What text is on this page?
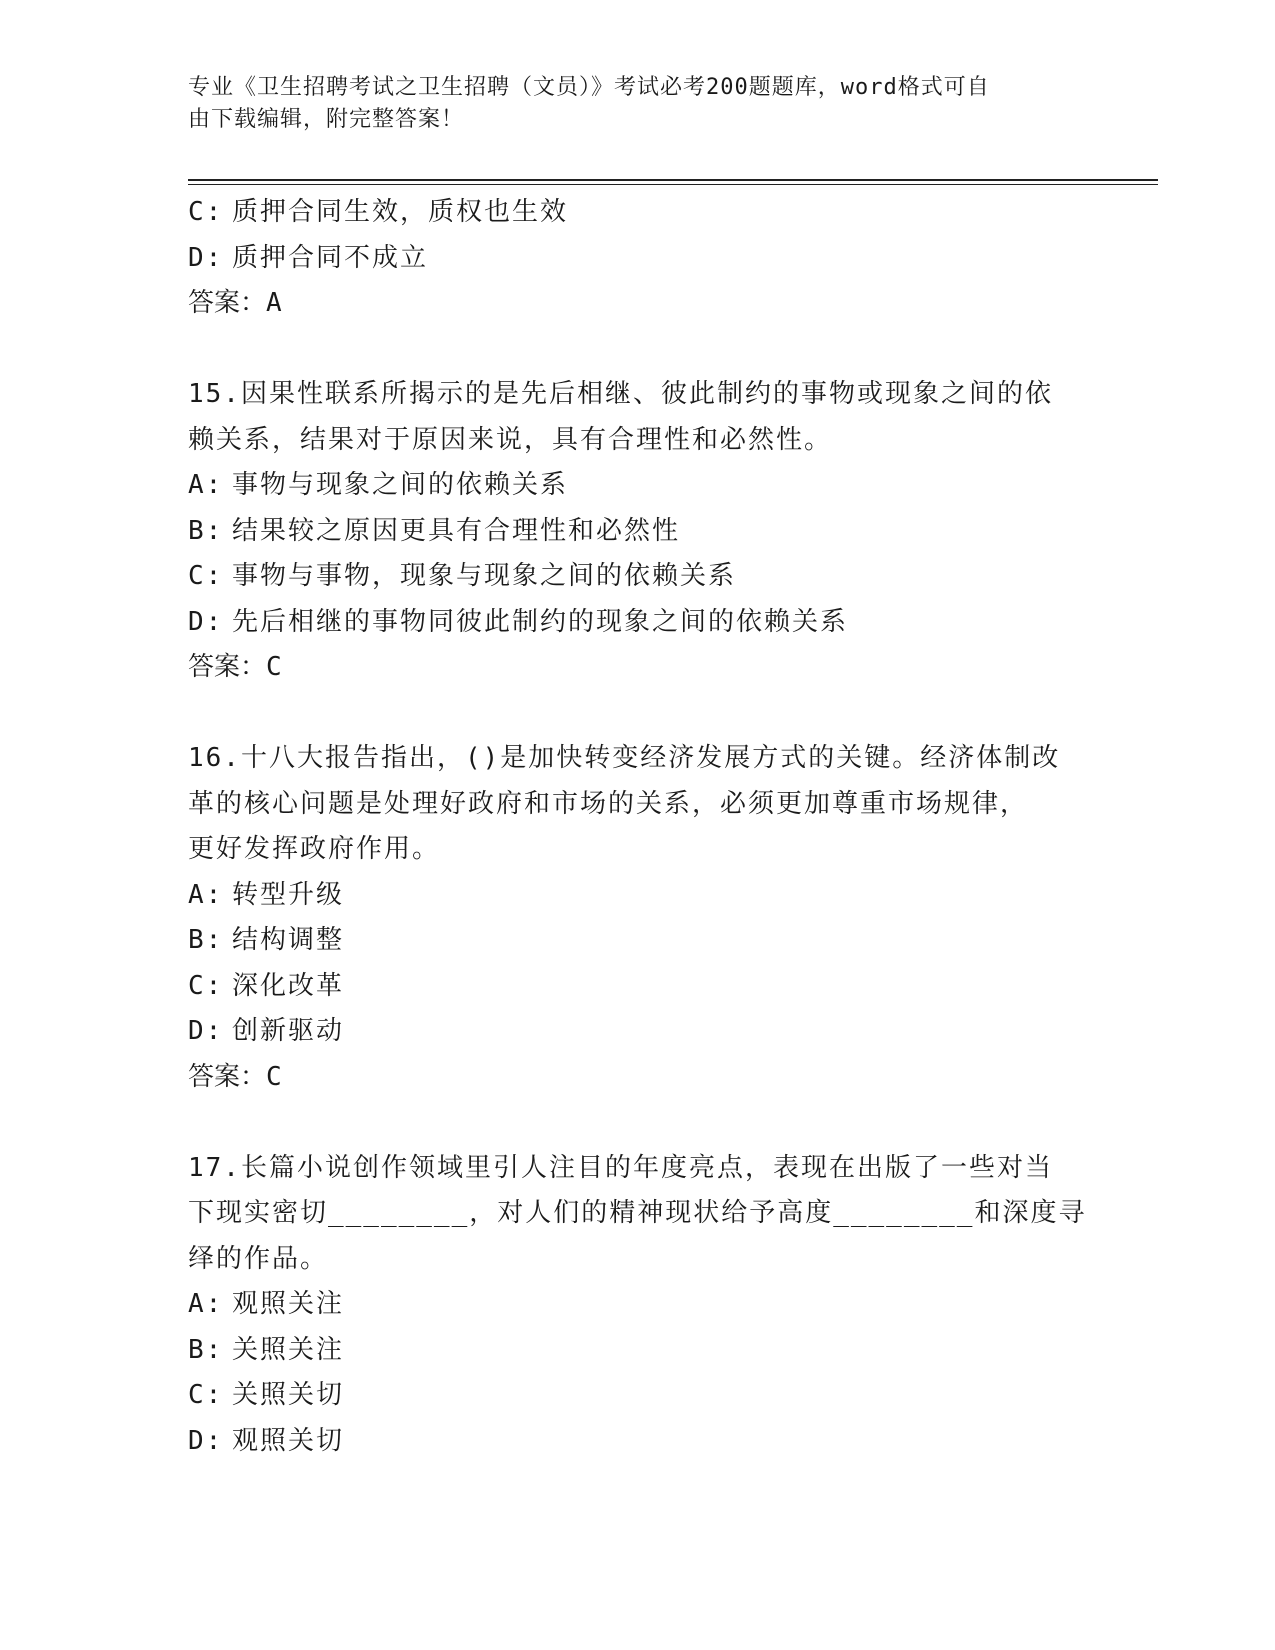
专业《卫生招聘考试之卫生招聘（文员）》考试必考200题题库，word格式可自
由下载编辑，附完整答案！
C: 质押合同生效，质权也生效
D: 质押合同不成立
答案：A
15.因果性联系所揭示的是先后相继、彼此制约的事物或现象之间的依
赖关系，结果对于原因来说，具有合理性和必然性。
A: 事物与现象之间的依赖关系
B: 结果较之原因更具有合理性和必然性
C: 事物与事物，现象与现象之间的依赖关系
D: 先后相继的事物同彼此制约的现象之间的依赖关系
答案：C
16.十八大报告指出，()是加快转变经济发展方式的关键。经济体制改
革的核心问题是处理好政府和市场的关系，必须更加尊重市场规律，
更好发挥政府作用。
A: 转型升级
B: 结构调整
C: 深化改革
D: 创新驱动
答案：C
17.长篇小说创作领域里引人注目的年度亮点，表现在出版了一些对当
下现实密切________，对人们的精神现状给予高度________和深度寻
绎的作品。
A: 观照关注
B: 关照关注
C: 关照关切
D: 观照关切
